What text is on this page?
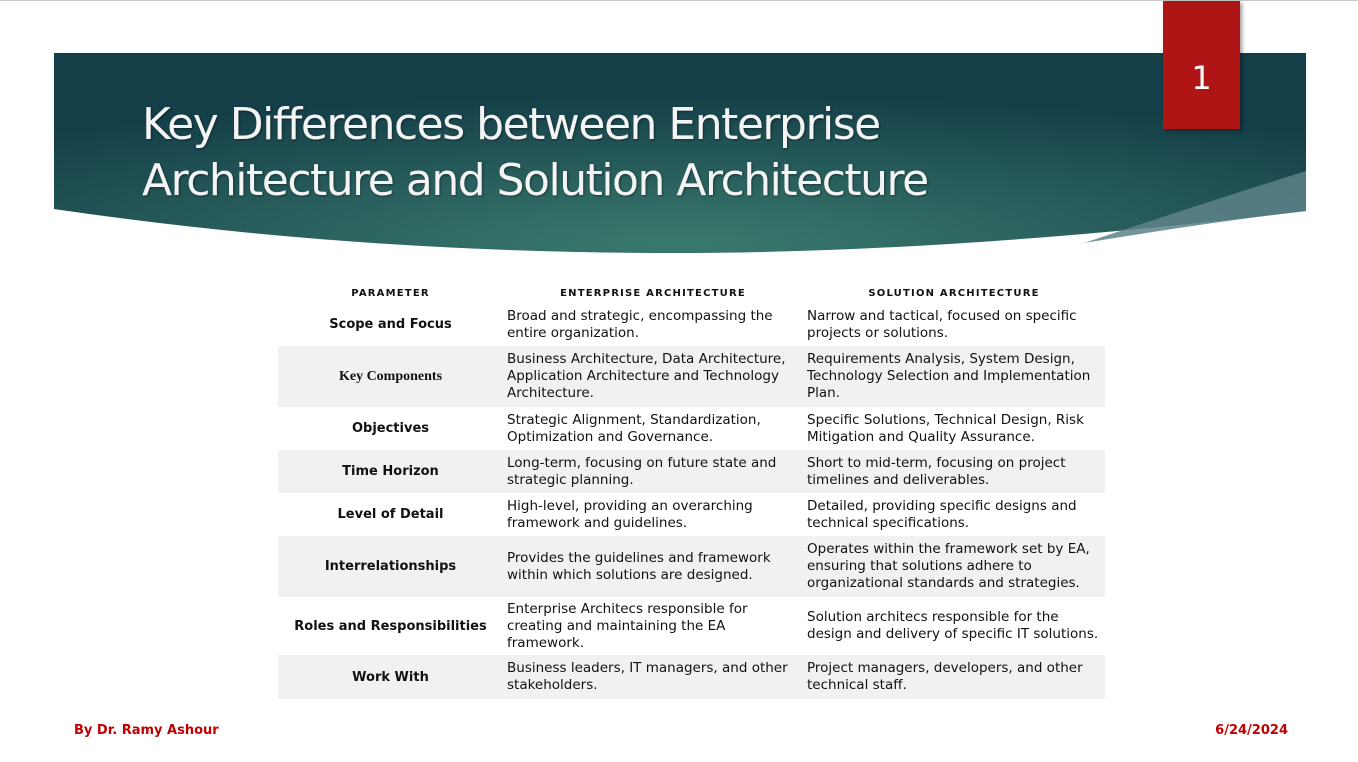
Key Differences between Enterprise
Architecture and Solution Architecture
1
PARAMETER	ENTERPRISE ARCHITECTURE	SOLUTION ARCHITECTURE
Scope and Focus	Broad and strategic, encompassing the entire organization.	Narrow and tactical, focused on specific projects or solutions.
Key Components	Business Architecture, Data Architecture, Application Architecture and Technology Architecture.	Requirements Analysis, System Design, Technology Selection and Implementation Plan.
Objectives	Strategic Alignment, Standardization, Optimization and Governance.	Specific Solutions, Technical Design, Risk Mitigation and Quality Assurance.
Time Horizon	Long-term, focusing on future state and strategic planning.	Short to mid-term, focusing on project timelines and deliverables.
Level of Detail	High-level, providing an overarching framework and guidelines.	Detailed, providing specific designs and technical specifications.
Interrelationships	Provides the guidelines and framework within which solutions are designed.	Operates within the framework set by EA, ensuring that solutions adhere to organizational standards and strategies.
Roles and Responsibilities	Enterprise Architecs responsible for creating and maintaining the EA framework.	Solution architecs responsible for the design and delivery of specific IT solutions.
Work With	Business leaders, IT managers, and other stakeholders.	Project managers, developers, and other technical staff.
By Dr. Ramy Ashour	6/24/2024
